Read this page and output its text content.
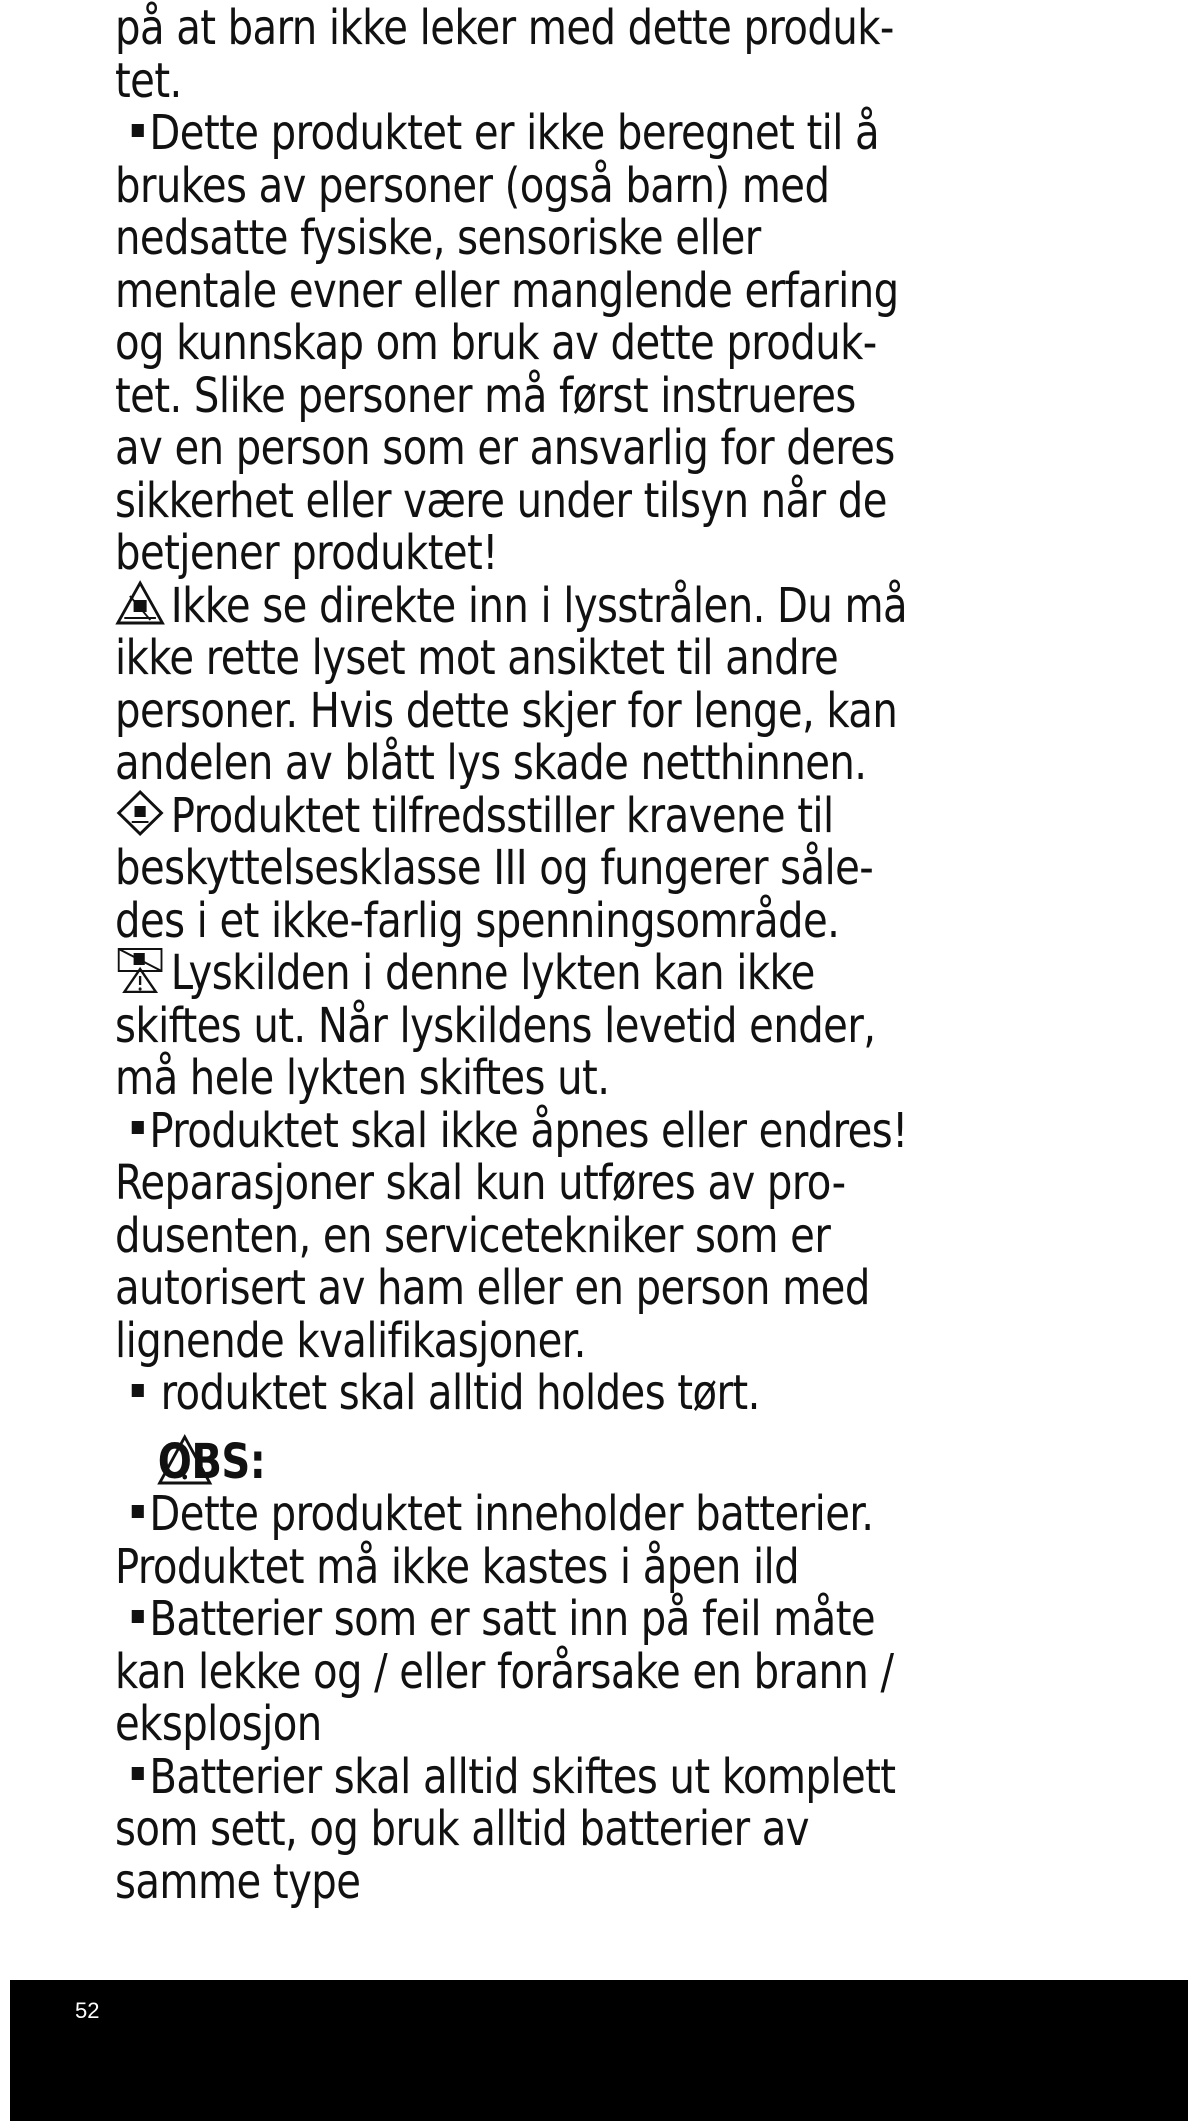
på at barn ikke leker med dette produk-
tet.
Dette produktet er ikke beregnet til å
brukes av personer (også barn) med
nedsatte fysiske, sensoriske eller
mentale evner eller manglende erfaring
og kunnskap om bruk av dette produk-
tet. Slike personer må først instrueres
av en person som er ansvarlig for deres
sikkerhet eller være under tilsyn når de
betjener produktet!
Ikke se direkte inn i lysstrålen. Du må
ikke rette lyset mot ansiktet til andre
personer. Hvis dette skjer for lenge, kan
andelen av blått lys skade netthinnen.
Produktet tilfredsstiller kravene til
beskyttelsesklasse III og fungerer såle-
des i et ikke-farlig spenningsområde.
Lyskilden i denne lykten kan ikke
skiftes ut. Når lyskildens levetid ender,
må hele lykten skiftes ut.
Produktet skal ikke åpnes eller endres!
Reparasjoner skal kun utføres av pro-
dusenten, en servicetekniker som er
autorisert av ham eller en person med
lignende kvalifikasjoner.
roduktet skal alltid holdes tørt.
OBS:
Dette produktet inneholder batterier.
Produktet må ikke kastes i åpen ild
Batterier som er satt inn på feil måte
kan lekke og / eller forårsake en brann /
eksplosjon
Batterier skal alltid skiftes ut komplett
som sett, og bruk alltid batterier av
samme type
52
